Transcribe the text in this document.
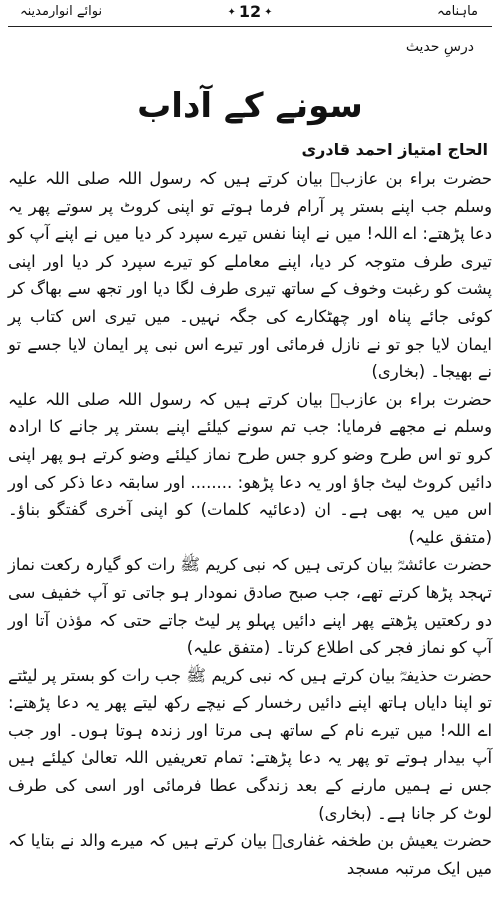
ماہنامہ
✦ 12 ✦
نوائے انوارمدینہ
درسِ حدیث
سونے کے آداب
الحاج امتیاز احمد قادری

حضرت براء بن عازبؓ بیان کرتے ہیں کہ رسول اللہ صلی اللہ علیہ وسلم جب اپنے بستر پر آرام فرما ہوتے تو اپنی کروٹ پر سوتے پھر یہ دعا پڑھتے: اے اللہ! میں نے اپنا نفس تیرے سپرد کر دیا میں نے اپنے آپ کو تیری طرف متوجہ کر دیا، اپنے معاملے کو تیرے سپرد کر دیا اور اپنی پشت کو رغبت وخوف کے ساتھ تیری طرف لگا دیا اور تجھ سے بھاگ کر کوئی جائے پناہ اور چھٹکارے کی جگہ نہیں۔ میں تیری اس کتاب پر ایمان لایا جو تو نے نازل فرمائی اور تیرے اس نبی پر ایمان لایا جسے تو نے بھیجا۔ (بخاری)

حضرت براء بن عازبؓ بیان کرتے ہیں کہ رسول اللہ صلی اللہ علیہ وسلم نے مجھے فرمایا: جب تم سونے کیلئے اپنے بستر پر جانے کا ارادہ کرو تو اس طرح وضو کرو جس طرح نماز کیلئے وضو کرتے ہو پھر اپنی دائیں کروٹ لیٹ جاؤ اور یہ دعا پڑھو: ........ اور سابقہ دعا ذکر کی اور اس میں یہ بھی ہے۔ ان (دعائیہ کلمات) کو اپنی آخری گفتگو بناؤ۔ (متفق علیہ)

حضرت عائشہؓ بیان کرتی ہیں کہ نبی کریم ﷺ رات کو گیارہ رکعت نماز تہجد پڑھا کرتے تھے، جب صبح صادق نمودار ہو جاتی تو آپ خفیف سی دو رکعتیں پڑھتے پھر اپنے دائیں پہلو پر لیٹ جاتے حتی کہ مؤذن آتا اور آپ کو نماز فجر کی اطلاع کرتا۔ (متفق علیہ)

حضرت حذیفہؓ بیان کرتے ہیں کہ نبی کریم ﷺ جب رات کو بستر پر لیٹتے تو اپنا دایاں ہاتھ اپنے دائیں رخسار کے نیچے رکھ لیتے پھر یہ دعا پڑھتے: اے اللہ! میں تیرے نام کے ساتھ ہی مرتا اور زندہ ہوتا ہوں۔ اور جب آپ بیدار ہوتے تو پھر یہ دعا پڑھتے: تمام تعریفیں اللہ تعالیٰ کیلئے ہیں جس نے ہمیں مارنے کے بعد زندگی عطا فرمائی اور اسی کی طرف لوٹ کر جانا ہے۔ (بخاری)

حضرت یعیش بن طخفہ غفاریؓ بیان کرتے ہیں کہ میرے والد نے بتایا کہ میں ایک مرتبہ مسجد
